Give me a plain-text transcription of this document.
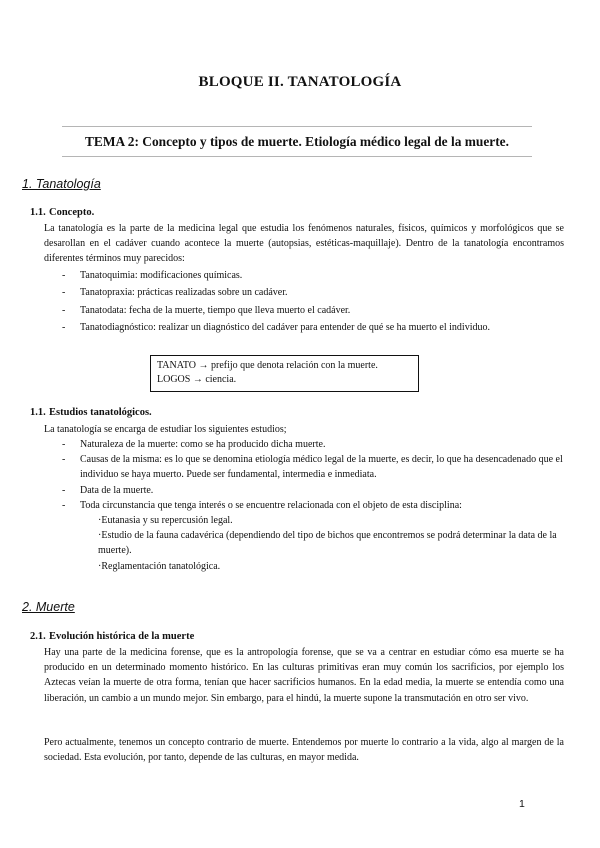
BLOQUE II. TANATOLOGÍA
TEMA 2: Concepto y tipos de muerte. Etiología médico legal de la muerte.
1. Tanatología
1.1. Concepto.
La tanatología es la parte de la medicina legal que estudia los fenómenos naturales, físicos, químicos y morfológicos que se desarollan en el cadáver cuando acontece la muerte (autopsias, estéticas-maquillaje). Dentro de la tanatología encontramos diferentes términos muy parecidos:
- Tanatoquimia: modificaciones químicas.
- Tanatopraxia: prácticas realizadas sobre un cadáver.
- Tanatodata: fecha de la muerte, tiempo que lleva muerto el cadáver.
- Tanatodiagnóstico: realizar un diagnóstico del cadáver para entender de qué se ha muerto el individuo.
TANATO → prefijo que denota relación con la muerte.
LOGOS → ciencia.
1.1. Estudios tanatológicos.
La tanatología se encarga de estudiar los siguientes estudios;
- Naturaleza de la muerte: como se ha producido dicha muerte.
- Causas de la misma: es lo que se denomina etiología médico legal de la muerte, es decir, lo que ha desencadenado que el individuo se haya muerto. Puede ser fundamental, intermedia e inmediata.
- Data de la muerte.
- Toda circunstancia que tenga interés o se encuentre relacionada con el objeto de esta disciplina:
· Eutanasia y su repercusión legal.
· Estudio de la fauna cadavérica (dependiendo del tipo de bichos que encontremos se podrá determinar la data de la muerte).
· Reglamentación tanatológica.
2. Muerte
2.1. Evolución histórica de la muerte
Hay una parte de la medicina forense, que es la antropología forense, que se va a centrar en estudiar cómo esa muerte se ha producido en un determinado momento histórico. En las culturas primitivas eran muy común los sacrificios, por ejemplo los Aztecas veían la muerte de otra forma, tenían que hacer sacrificios humanos. En la edad media, la muerte se entendía como una liberación, un cambio a un mundo mejor. Sin embargo, para el hindú, la muerte supone la transmutación en otro ser vivo.
Pero actualmente, tenemos un concepto contrario de muerte. Entendemos por muerte lo contrario a la vida, algo al margen de la sociedad. Esta evolución, por tanto, depende de las culturas, en mayor medida.
1
